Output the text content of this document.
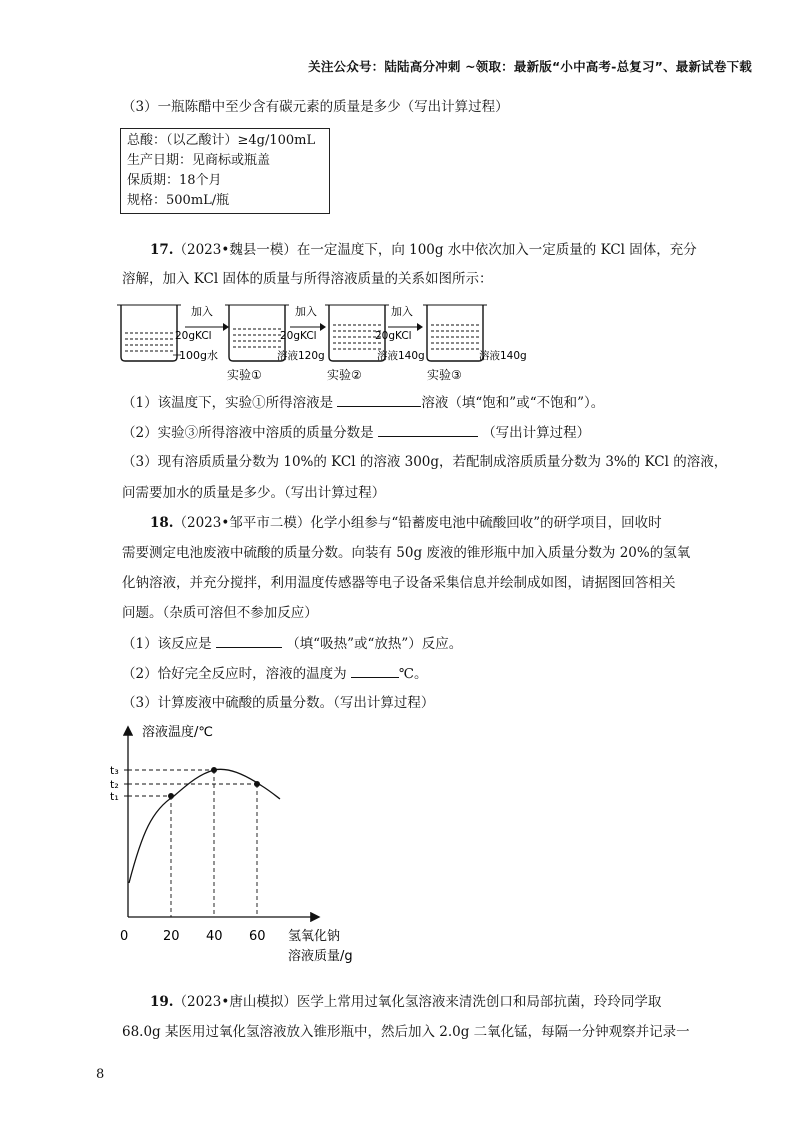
关注公众号：陆陆高分冲刺 ~领取：最新版“小中高考-总复习”、最新试卷下载
（3）一瓶陈醋中至少含有碳元素的质量是多少（写出计算过程）
总酸：（以乙酸计）≥4g/100mL
生产日期：见商标或瓶盖
保质期：18个月
规格：500mL/瓶
17.（2023•魏县一模）在一定温度下，向 100g 水中依次加入一定质量的 KCl 固体，充分
溶解，加入 KCl 固体的质量与所得溶液质量的关系如图所示：
100g水
加入
20gKCl
溶液120g
实验①
加入
20gKCl
溶液140g
实验②
加入
20gKCl
溶液140g
实验③
（1）该温度下，实验①所得溶液是	溶液（填“饱和”或“不饱和”）。
（2）实验③所得溶液中溶质的质量分数是	（写出计算过程）
（3）现有溶质质量分数为 10%的 KCl 的溶液 300g，若配制成溶质质量分数为 3%的 KCl 的溶液，
问需要加水的质量是多少。（写出计算过程）
18.（2023•邹平市二模）化学小组参与“铅蓄废电池中硫酸回收”的研学项目，回收时
需要测定电池废液中硫酸的质量分数。向装有 50g 废液的锥形瓶中加入质量分数为 20%的氢氧
化钠溶液，并充分搅拌，利用温度传感器等电子设备采集信息并绘制成如图，请据图回答相关
问题。（杂质可溶但不参加反应）
（1）该反应是	（填“吸热”或“放热”）反应。
（2）恰好完全反应时，溶液的温度为	℃。
（3）计算废液中硫酸的质量分数。（写出计算过程）
溶液温度/℃
氢氧化钠
溶液质量/g
0
t₃
t₂
t₁
20 40 60
19.（2023•唐山模拟）医学上常用过氧化氢溶液来清洗创口和局部抗菌，玲玲同学取
68.0g 某医用过氧化氢溶液放入锥形瓶中，然后加入 2.0g 二氧化锰，每隔一分钟观察并记录一
8
